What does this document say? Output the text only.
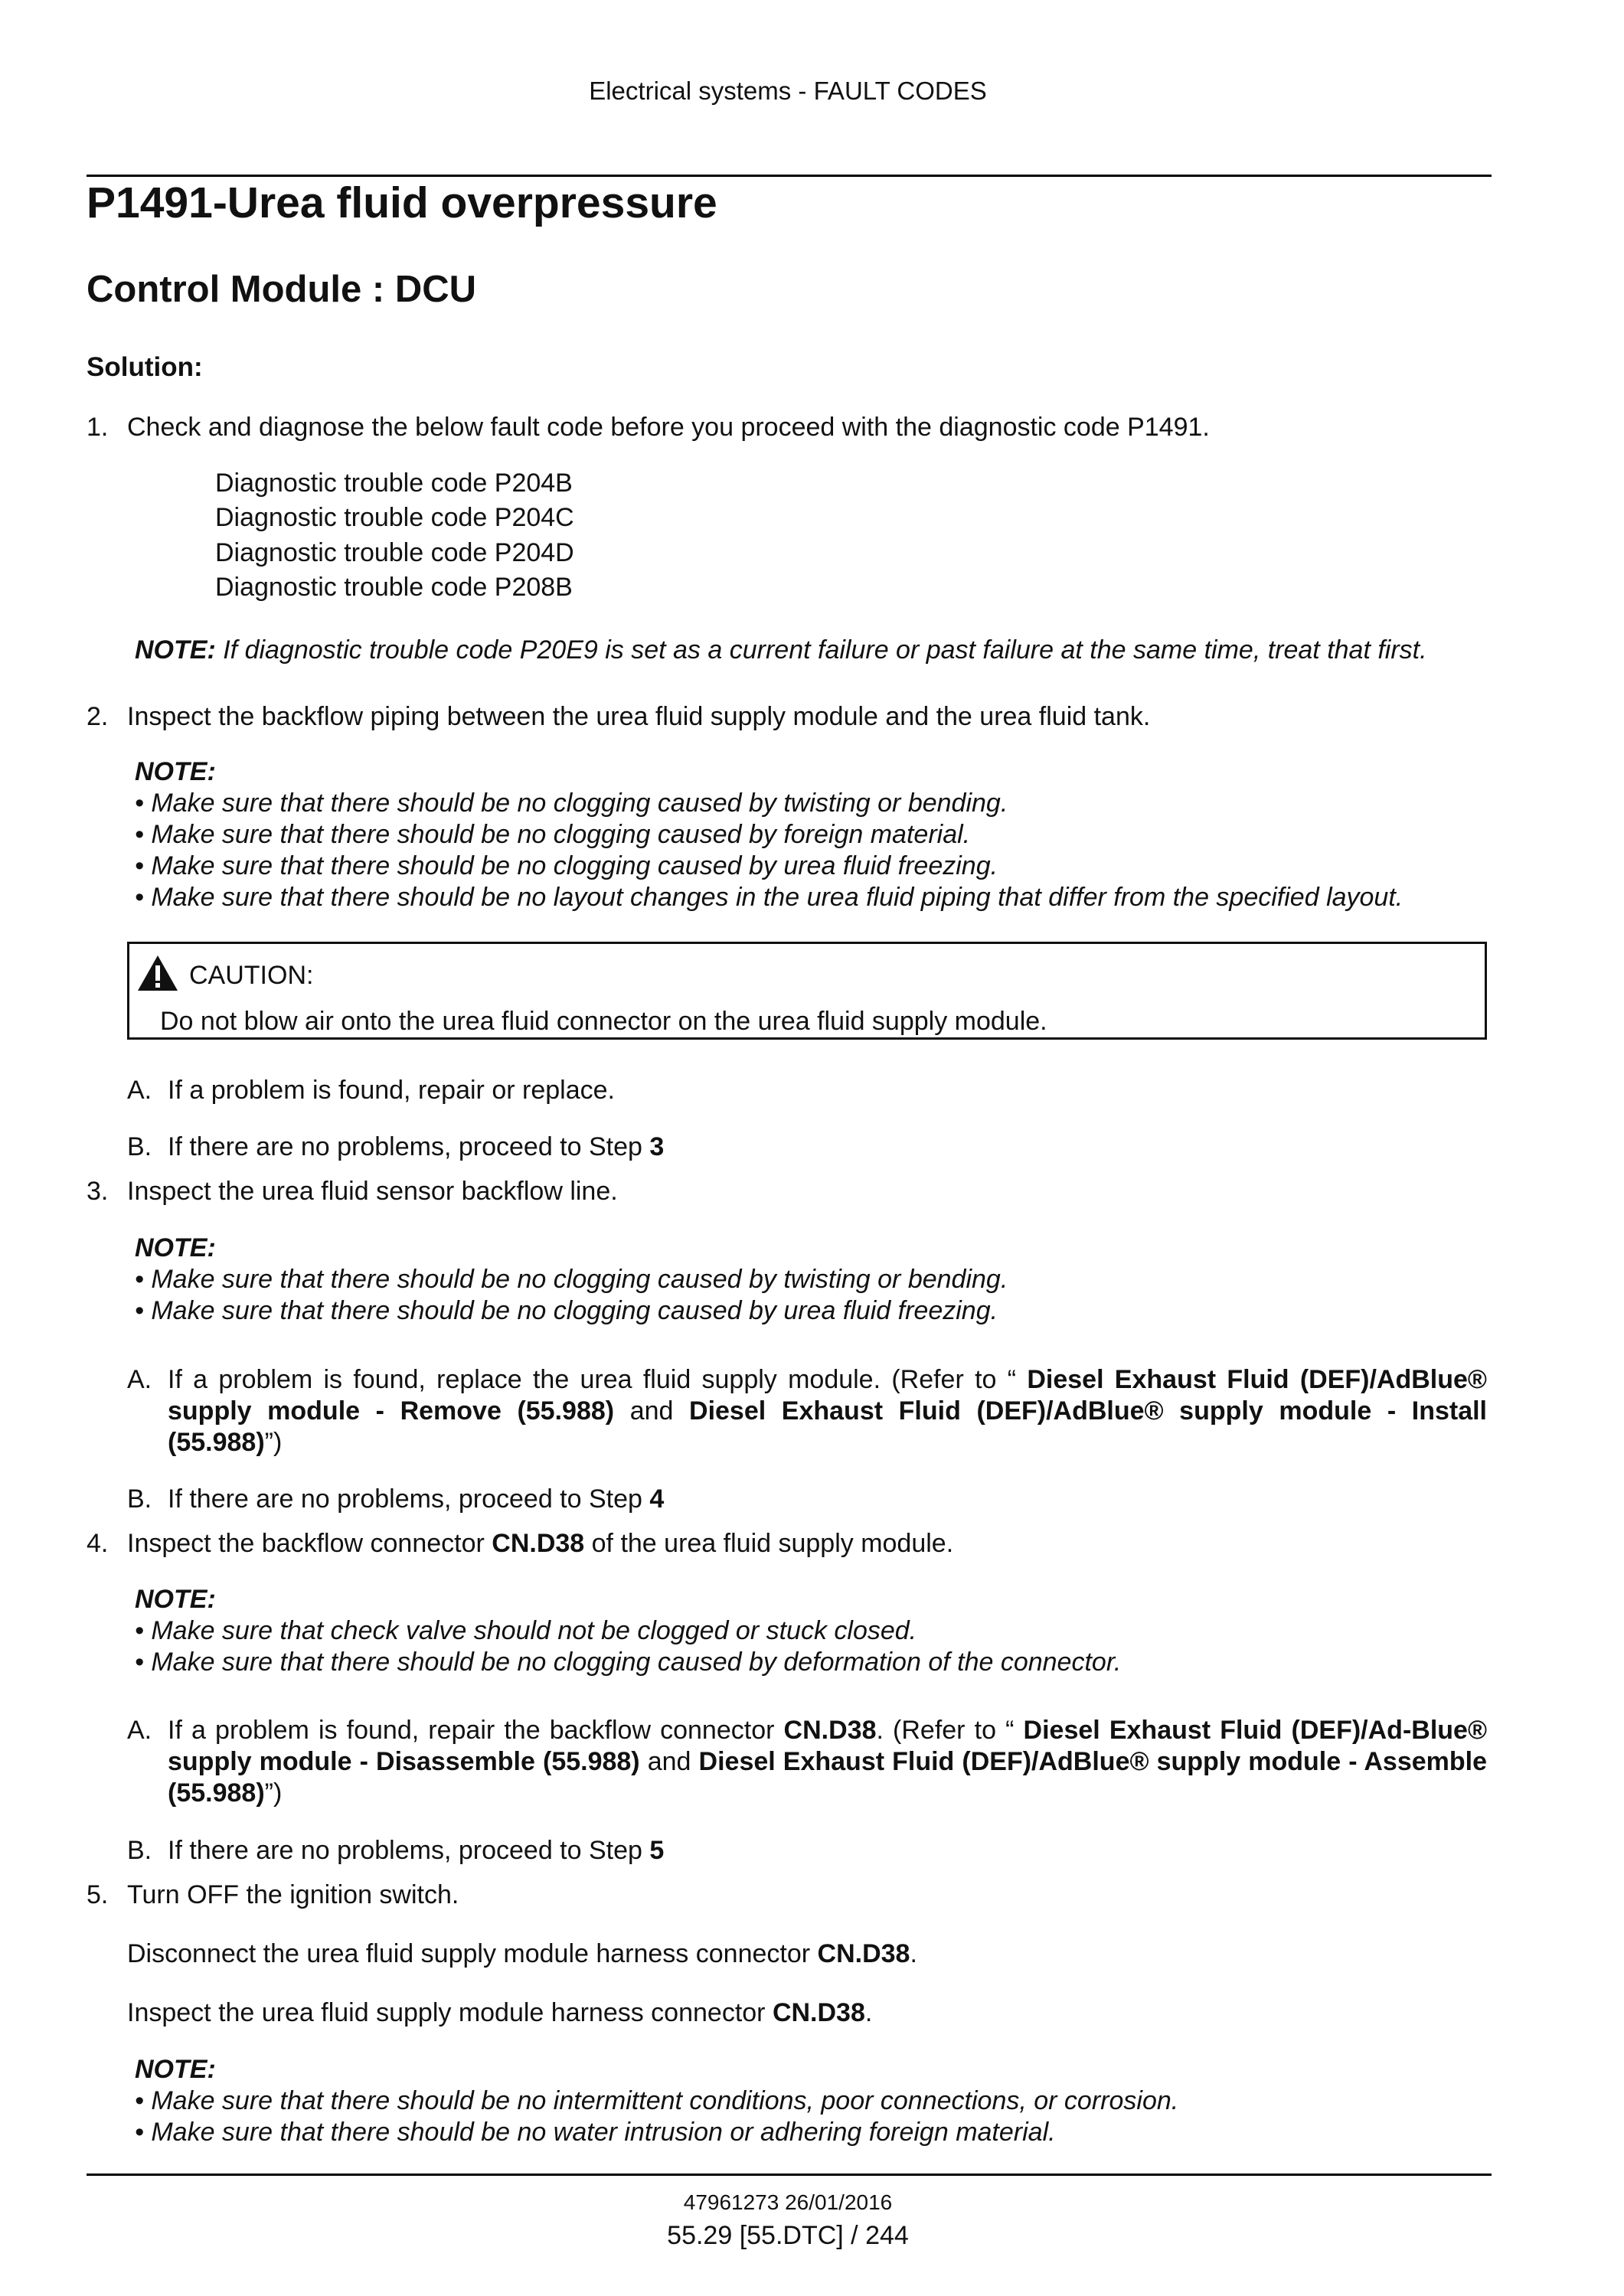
Electrical systems - FAULT CODES
P1491-Urea fluid overpressure
Control Module : DCU
Solution:
1. Check and diagnose the below fault code before you proceed with the diagnostic code P1491.
Diagnostic trouble code P204B
Diagnostic trouble code P204C
Diagnostic trouble code P204D
Diagnostic trouble code P208B
NOTE: If diagnostic trouble code P20E9 is set as a current failure or past failure at the same time, treat that first.
2. Inspect the backflow piping between the urea fluid supply module and the urea fluid tank.
NOTE:
• Make sure that there should be no clogging caused by twisting or bending.
• Make sure that there should be no clogging caused by foreign material.
• Make sure that there should be no clogging caused by urea fluid freezing.
• Make sure that there should be no layout changes in the urea fluid piping that differ from the specified layout.
CAUTION:
Do not blow air onto the urea fluid connector on the urea fluid supply module.
A. If a problem is found, repair or replace.
B. If there are no problems, proceed to Step 3
3. Inspect the urea fluid sensor backflow line.
NOTE:
• Make sure that there should be no clogging caused by twisting or bending.
• Make sure that there should be no clogging caused by urea fluid freezing.
A. If a problem is found, replace the urea fluid supply module. (Refer to “ Diesel Exhaust Fluid (DEF)/AdBlue® supply module - Remove (55.988) and Diesel Exhaust Fluid (DEF)/AdBlue® supply module - Install (55.988)”)
B. If there are no problems, proceed to Step 4
4. Inspect the backflow connector CN.D38 of the urea fluid supply module.
NOTE:
• Make sure that check valve should not be clogged or stuck closed.
• Make sure that there should be no clogging caused by deformation of the connector.
A. If a problem is found, repair the backflow connector CN.D38. (Refer to “ Diesel Exhaust Fluid (DEF)/Ad-Blue® supply module - Disassemble (55.988) and Diesel Exhaust Fluid (DEF)/AdBlue® supply module - Assemble (55.988)”)
B. If there are no problems, proceed to Step 5
5. Turn OFF the ignition switch.
Disconnect the urea fluid supply module harness connector CN.D38.
Inspect the urea fluid supply module harness connector CN.D38.
NOTE:
• Make sure that there should be no intermittent conditions, poor connections, or corrosion.
• Make sure that there should be no water intrusion or adhering foreign material.
47961273 26/01/2016
55.29 [55.DTC] / 244
